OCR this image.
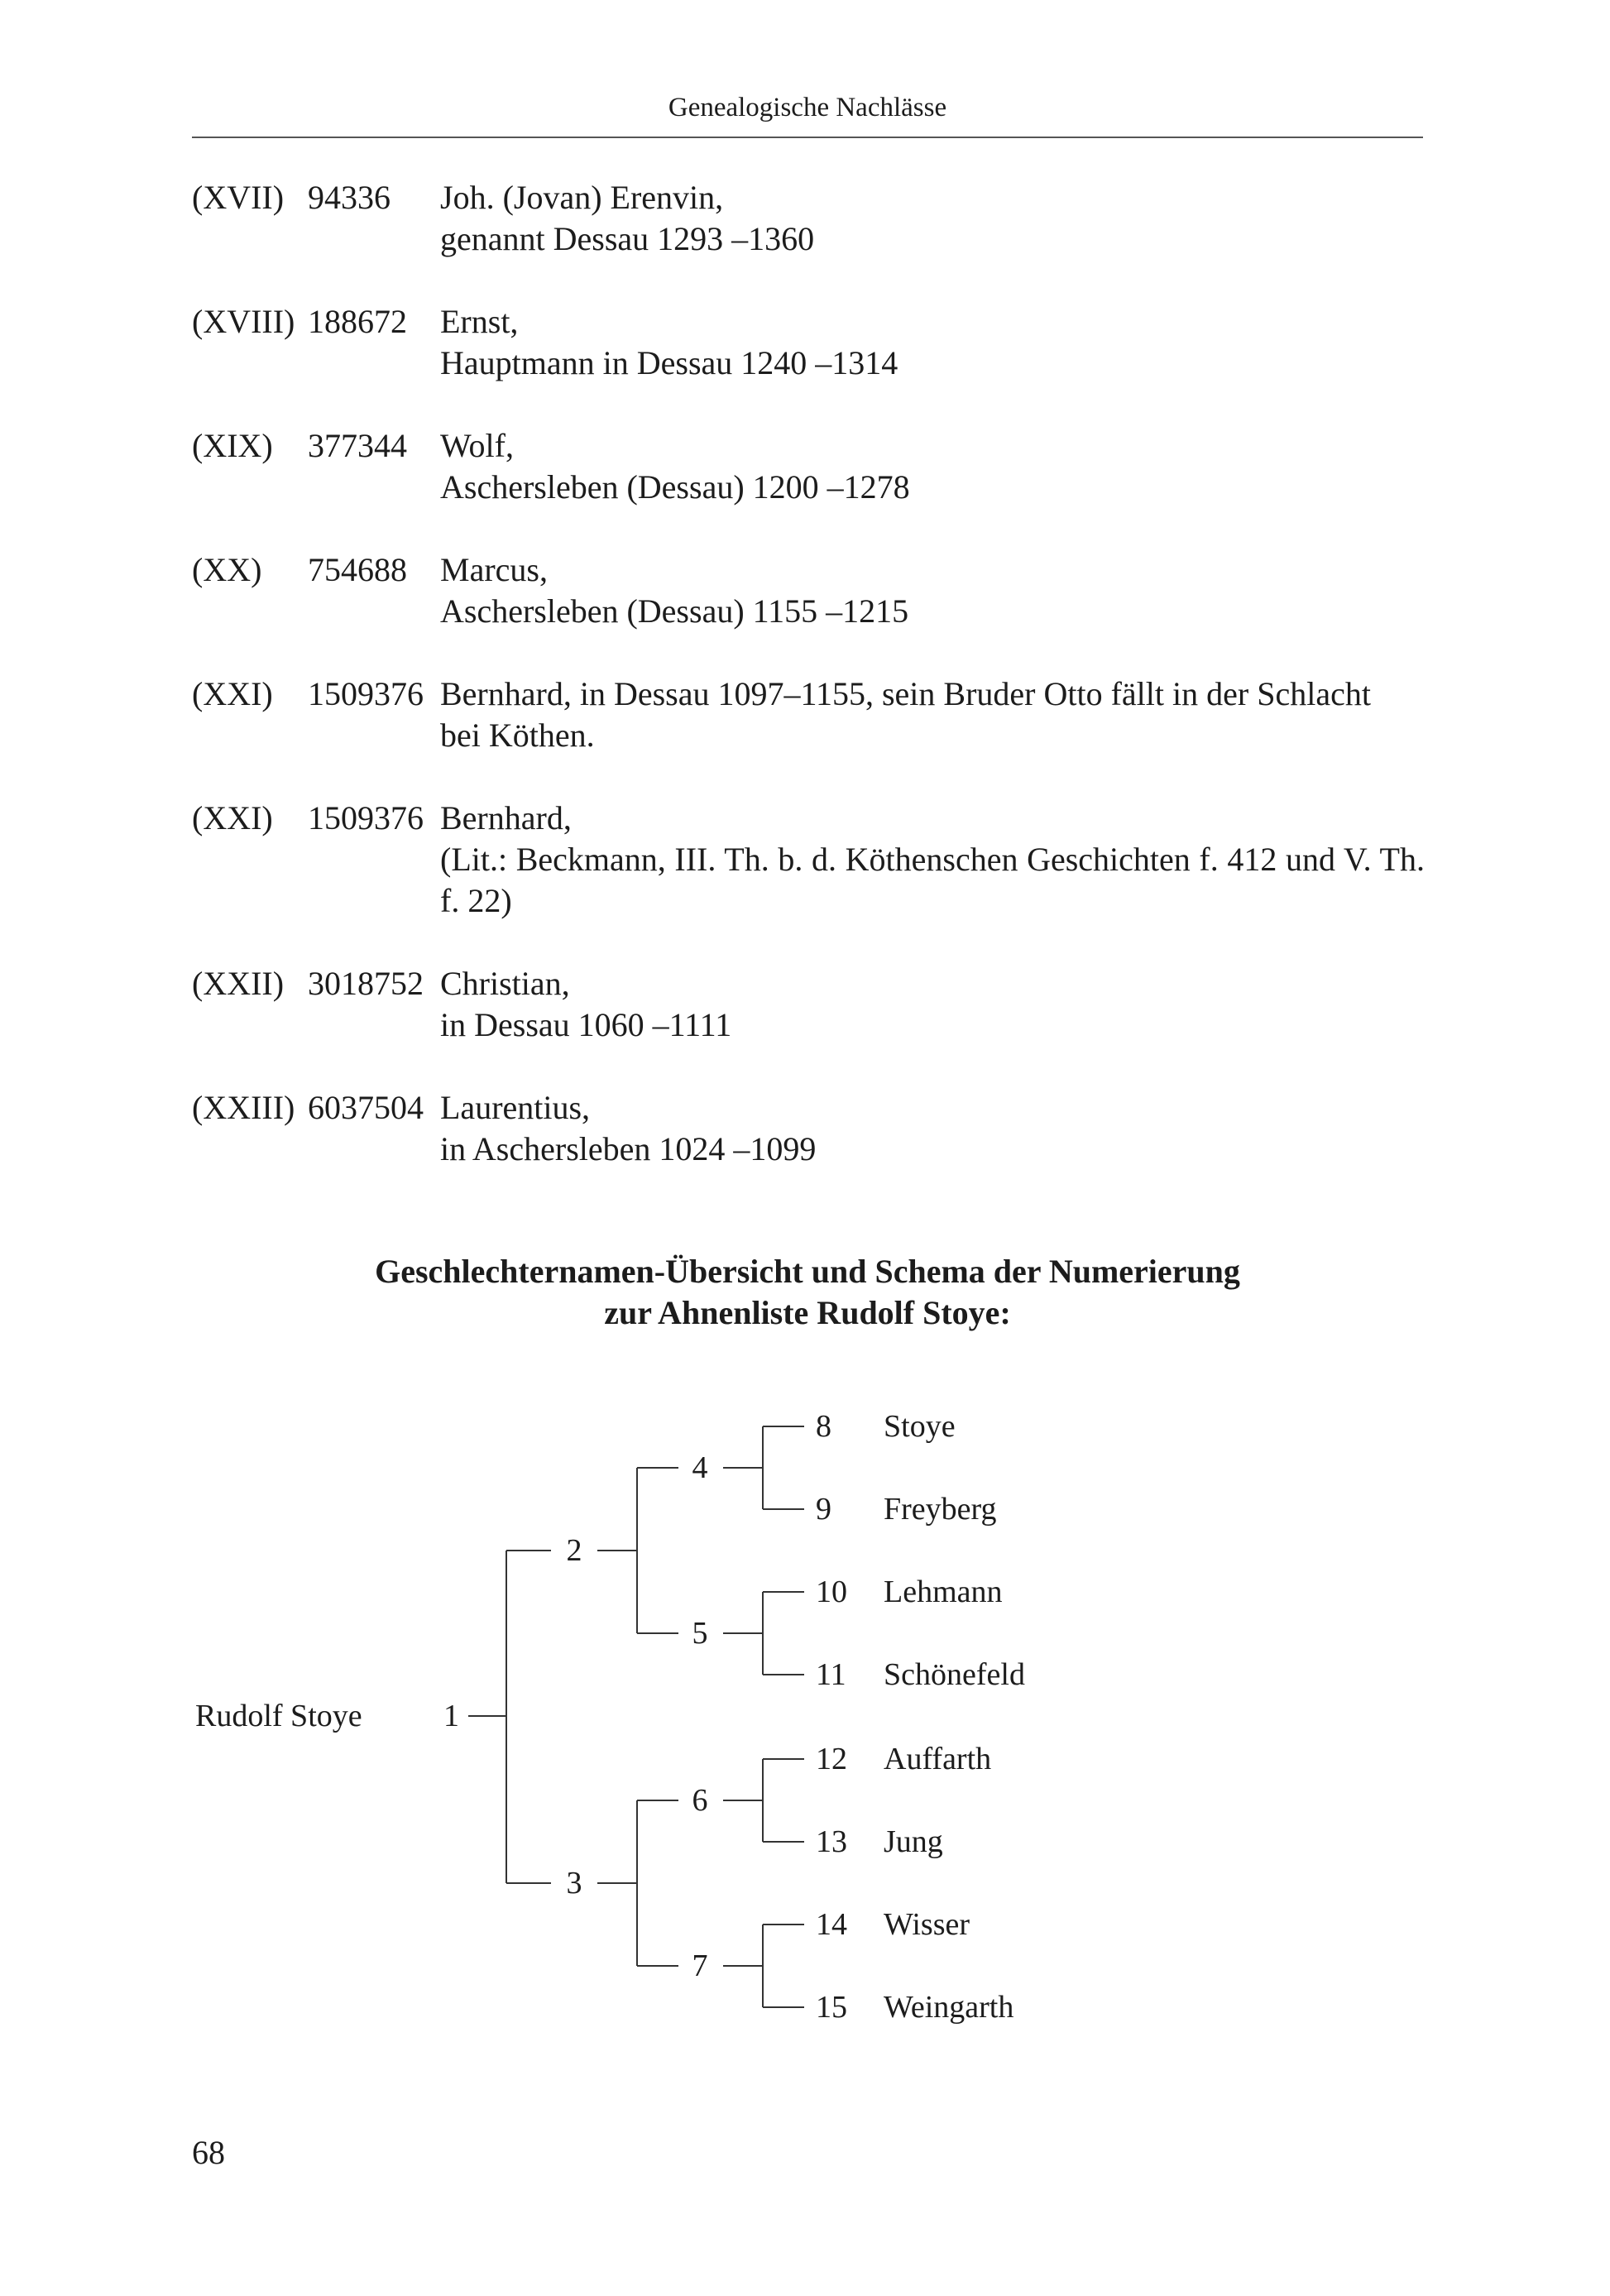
Genealogische Nachlässe
(XVII) 94336 Joh. (Jovan) Erenvin,
genannt Dessau 1293 –1360
(XVIII) 188672 Ernst,
Hauptmann in Dessau 1240 –1314
(XIX) 377344 Wolf,
Aschersleben (Dessau) 1200 –1278
(XX) 754688 Marcus,
Aschersleben (Dessau) 1155 –1215
(XXI) 1509376 Bernhard, in Dessau 1097–1155, sein Bruder Otto fällt in der Schlacht
bei Köthen.
(XXI) 1509376 Bernhard,
(Lit.: Beckmann, III. Th. b. d. Köthenschen Geschichten f. 412 und V. Th. f. 22)
(XXII) 3018752 Christian,
in Dessau 1060 –1111
(XXIII) 6037504 Laurentius,
in Aschersleben 1024 –1099
Geschlechternamen-Übersicht und Schema der Numerierung
zur Ahnenliste Rudolf Stoye:
Rudolf Stoye	1
2
3
4
5
6
7
8 Stoye
9 Freyberg
10 Lehmann
11 Schönefeld
12 Auffarth
13 Jung
14 Wisser
15 Weingarth
68
